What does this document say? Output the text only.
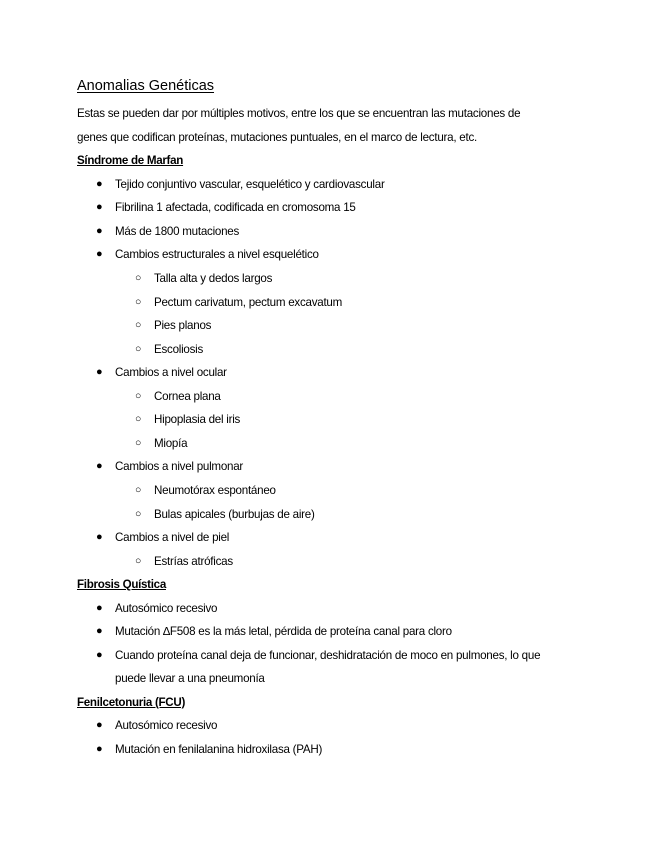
Anomalias Genéticas
Estas se pueden dar por múltiples motivos, entre los que se encuentran las mutaciones de
genes que codifican proteínas, mutaciones puntuales, en el marco de lectura, etc.
Síndrome de Marfan
● Tejido conjuntivo vascular, esquelético y cardiovascular
● Fibrilina 1 afectada, codificada en cromosoma 15
● Más de 1800 mutaciones
● Cambios estructurales a nivel esquelético
○ Talla alta y dedos largos
○ Pectum carivatum, pectum excavatum
○ Pies planos
○ Escoliosis
● Cambios a nivel ocular
○ Cornea plana
○ Hipoplasia del iris
○ Miopía
● Cambios a nivel pulmonar
○ Neumotórax espontáneo
○ Bulas apicales (burbujas de aire)
● Cambios a nivel de piel
○ Estrías atróficas
Fibrosis Quística
● Autosómico recesivo
● Mutación ∆F508 es la más letal, pérdida de proteína canal para cloro
● Cuando proteína canal deja de funcionar, deshidratación de moco en pulmones, lo que
puede llevar a una pneumonía
Fenilcetonuria (FCU)
● Autosómico recesivo
● Mutación en fenilalanina hidroxilasa (PAH)
